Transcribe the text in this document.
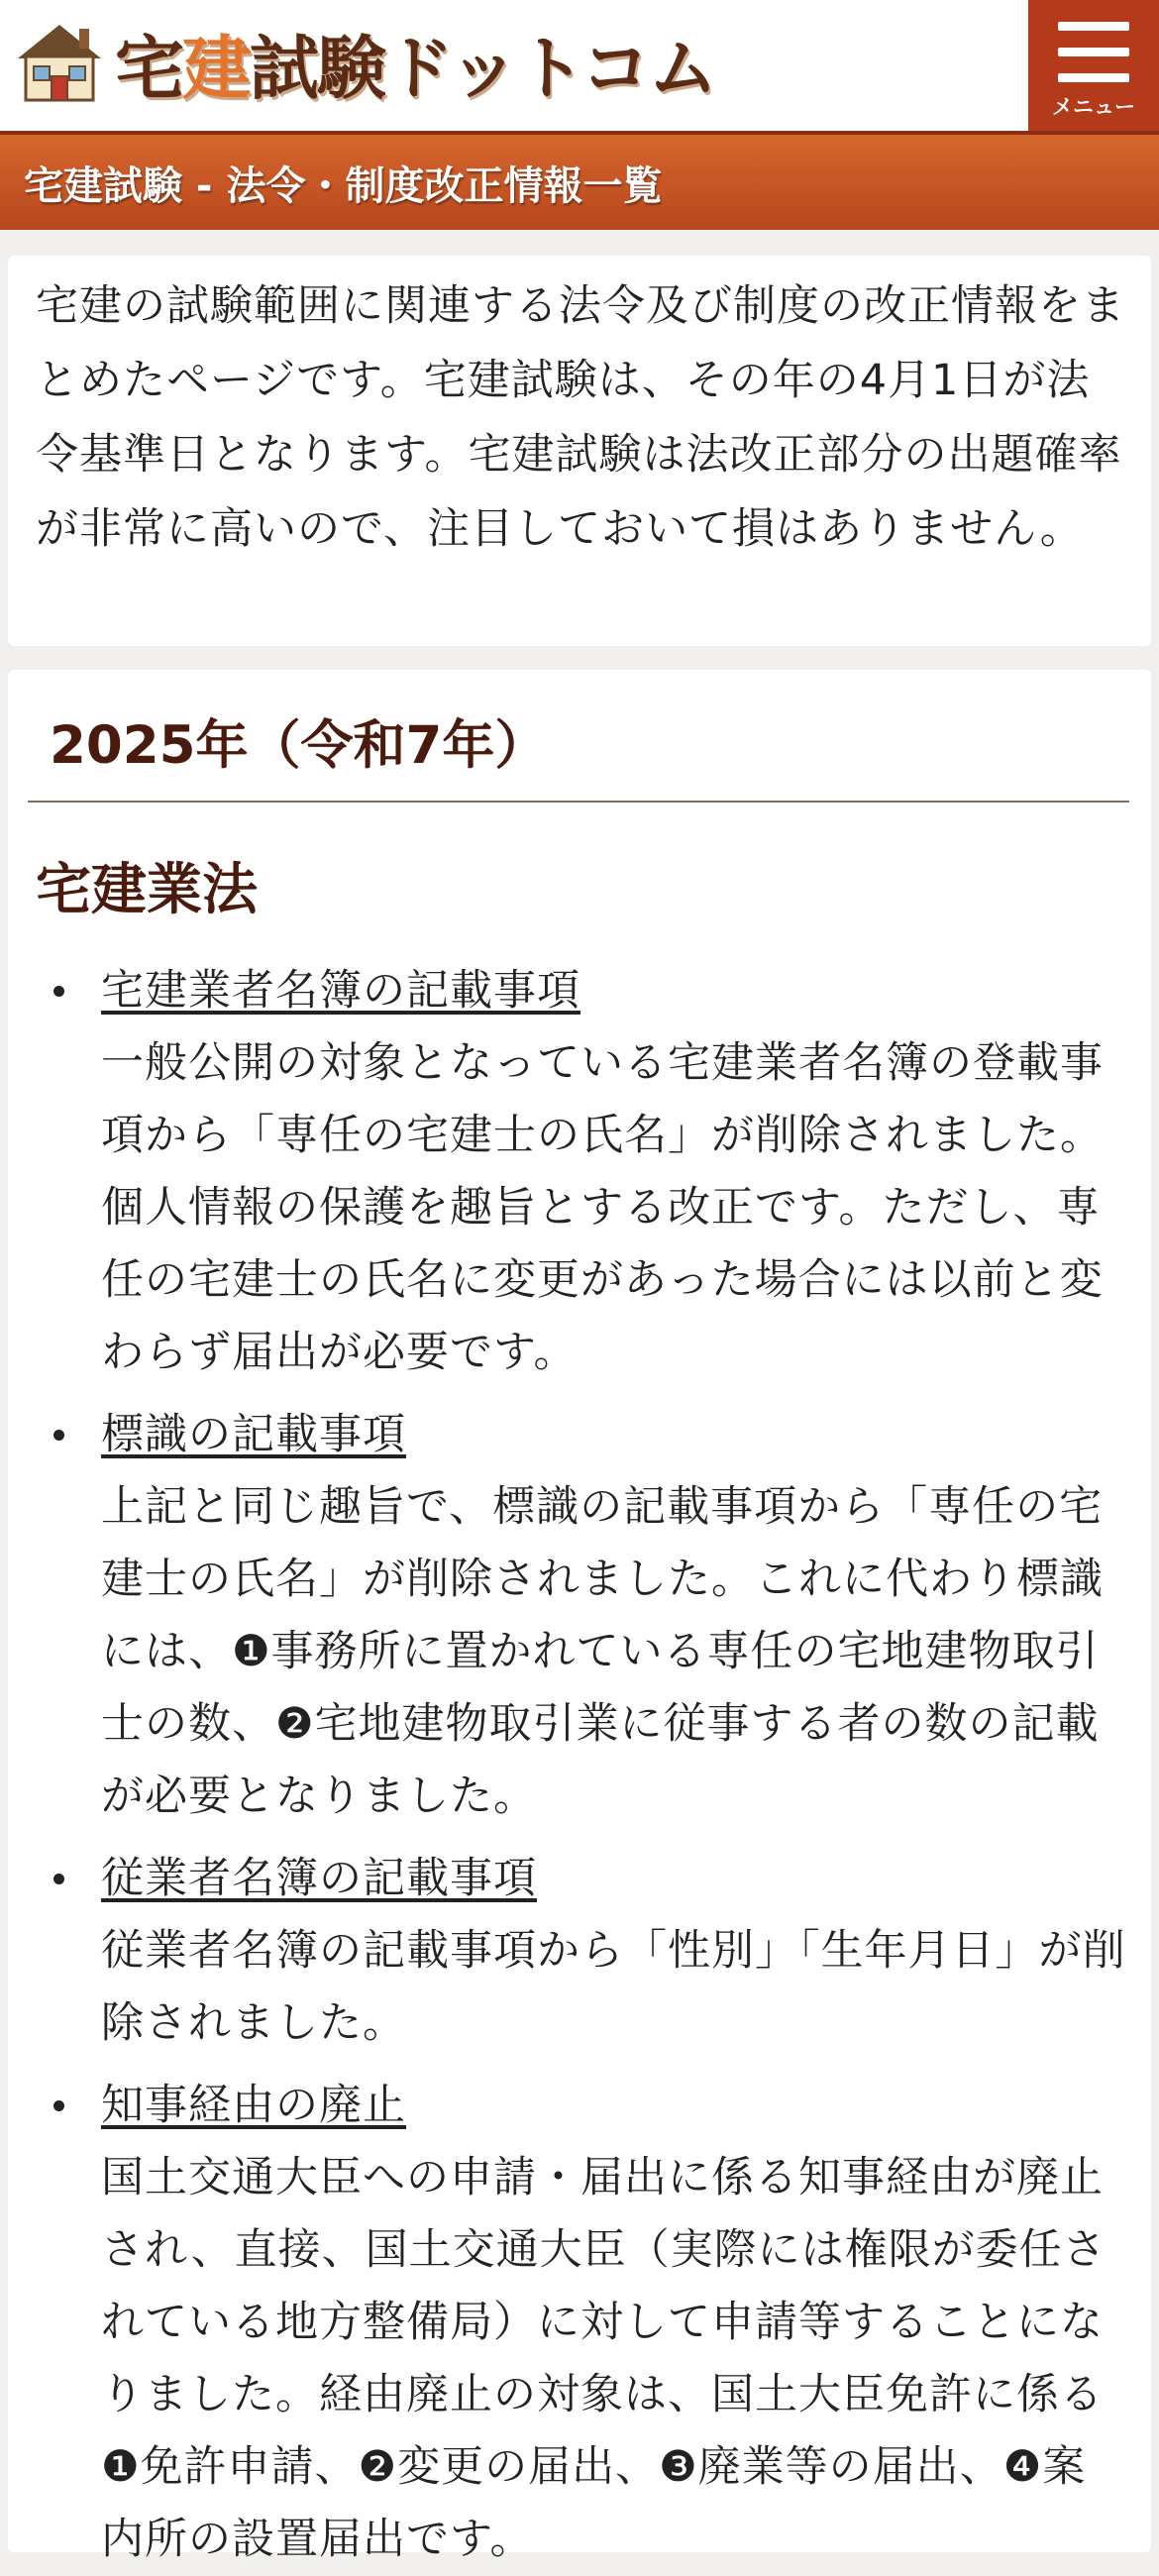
宅建試験ドットコム	メニュー
宅建試験 - 法令・制度改正情報一覧

宅建の試験範囲に関連する法令及び制度の改正情報をまとめたページです。宅建試験は、その年の4月1日が法令基準日となります。宅建試験は法改正部分の出題確率が非常に高いので、注目しておいて損はありません。

2025年（令和7年）
宅建業法
宅建業者名簿の記載事項
一般公開の対象となっている宅建業者名簿の登載事項から「専任の宅建士の氏名」が削除されました。個人情報の保護を趣旨とする改正です。ただし、専任の宅建士の氏名に変更があった場合には以前と変わらず届出が必要です。
標識の記載事項
上記と同じ趣旨で、標識の記載事項から「専任の宅建士の氏名」が削除されました。これに代わり標識には、❶事務所に置かれている専任の宅地建物取引士の数、❷宅地建物取引業に従事する者の数の記載が必要となりました。
従業者名簿の記載事項
従業者名簿の記載事項から「性別」「生年月日」が削除されました。
知事経由の廃止
国土交通大臣への申請・届出に係る知事経由が廃止され、直接、国土交通大臣（実際には権限が委任されている地方整備局）に対して申請等することになりました。経由廃止の対象は、国土大臣免許に係る❶免許申請、❷変更の届出、❸廃業等の届出、❹案内所の設置届出です。
